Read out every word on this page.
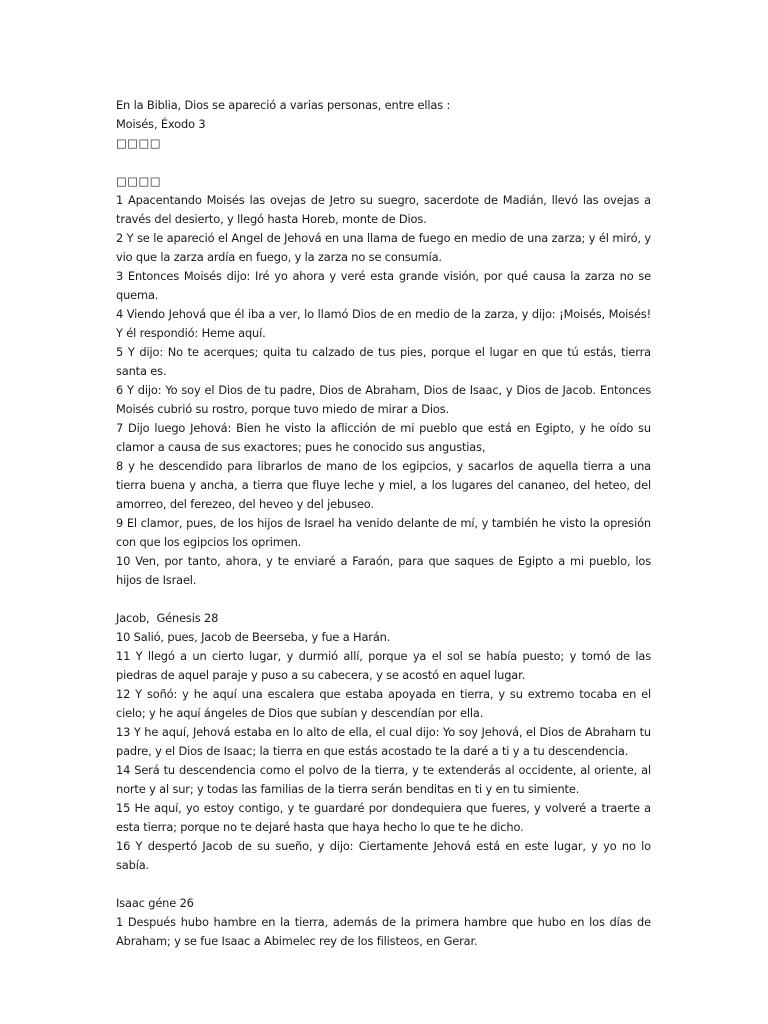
En la Biblia, Dios se apareció a varias personas, entre ellas :

Moisés, Éxodo 3

□□□□

□□□□

1 Apacentando Moisés las ovejas de Jetro su suegro, sacerdote de Madián, llevó las ovejas a través del desierto, y llegó hasta Horeb, monte de Dios.

2 Y se le apareció el Angel de Jehová en una llama de fuego en medio de una zarza; y él miró, y vio que la zarza ardía en fuego, y la zarza no se consumía.

3 Entonces Moisés dijo: Iré yo ahora y veré esta grande visión, por qué causa la zarza no se quema.

4 Viendo Jehová que él iba a ver, lo llamó Dios de en medio de la zarza, y dijo: ¡Moisés, Moisés! Y él respondió: Heme aquí.

5 Y dijo: No te acerques; quita tu calzado de tus pies, porque el lugar en que tú estás, tierra santa es.

6 Y dijo: Yo soy el Dios de tu padre, Dios de Abraham, Dios de Isaac, y Dios de Jacob. Entonces Moisés cubrió su rostro, porque tuvo miedo de mirar a Dios.

7 Dijo luego Jehová: Bien he visto la aflicción de mi pueblo que está en Egipto, y he oído su clamor a causa de sus exactores; pues he conocido sus angustias,

8 y he descendido para librarlos de mano de los egipcios, y sacarlos de aquella tierra a una tierra buena y ancha, a tierra que fluye leche y miel, a los lugares del cananeo, del heteo, del amorreo, del ferezeo, del heveo y del jebuseo.

9 El clamor, pues, de los hijos de Israel ha venido delante de mí, y también he visto la opresión con que los egipcios los oprimen.

10 Ven, por tanto, ahora, y te enviaré a Faraón, para que saques de Egipto a mi pueblo, los hijos de Israel.

Jacob,  Génesis 28

10 Salió, pues, Jacob de Beerseba, y fue a Harán.

11 Y llegó a un cierto lugar, y durmió allí, porque ya el sol se había puesto; y tomó de las piedras de aquel paraje y puso a su cabecera, y se acostó en aquel lugar.

12 Y soñó: y he aquí una escalera que estaba apoyada en tierra, y su extremo tocaba en el cielo; y he aquí ángeles de Dios que subían y descendían por ella.

13 Y he aquí, Jehová estaba en lo alto de ella, el cual dijo: Yo soy Jehová, el Dios de Abraham tu padre, y el Dios de Isaac; la tierra en que estás acostado te la daré a ti y a tu descendencia.

14 Será tu descendencia como el polvo de la tierra, y te extenderás al occidente, al oriente, al norte y al sur; y todas las familias de la tierra serán benditas en ti y en tu simiente.

15 He aquí, yo estoy contigo, y te guardaré por dondequiera que fueres, y volveré a traerte a esta tierra; porque no te dejaré hasta que haya hecho lo que te he dicho.

16 Y despertó Jacob de su sueño, y dijo: Ciertamente Jehová está en este lugar, y yo no lo sabía.

Isaac géne 26

1 Después hubo hambre en la tierra, además de la primera hambre que hubo en los días de Abraham; y se fue Isaac a Abimelec rey de los filisteos, en Gerar.
